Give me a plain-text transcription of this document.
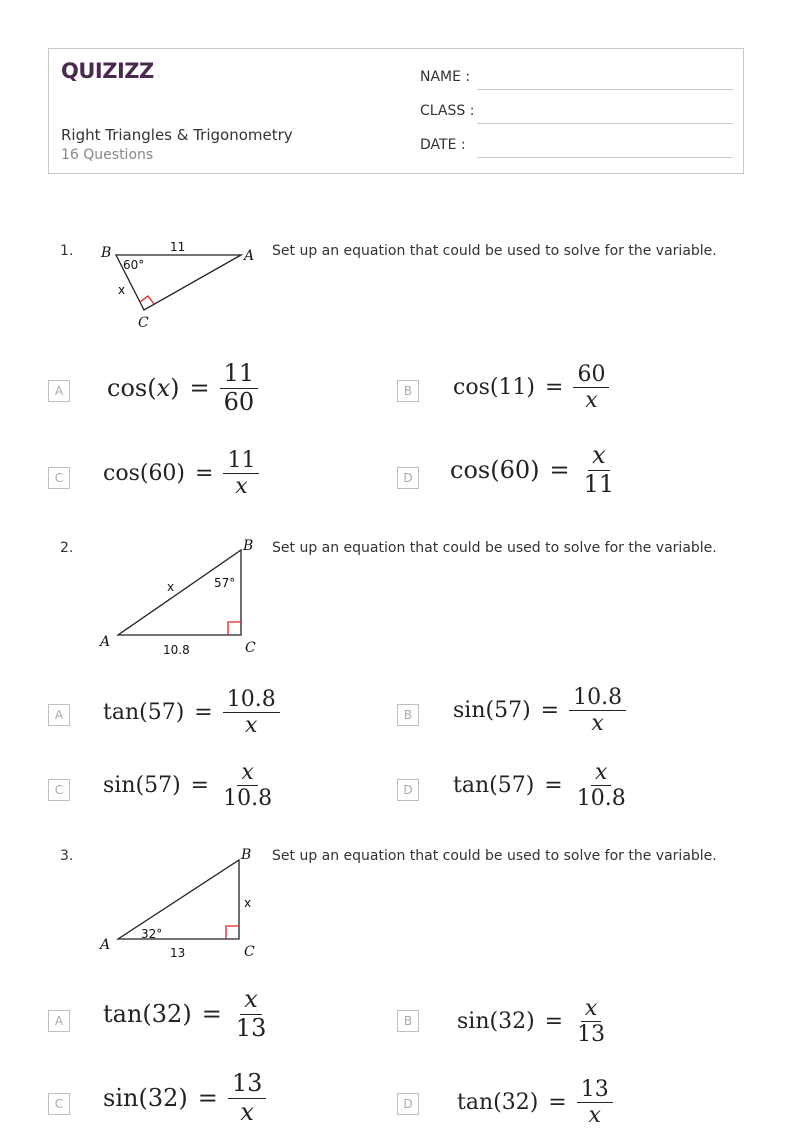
QUIZIZZ
Right Triangles & Trigonometry
16 Questions
NAME :
CLASS :
DATE :
1.	Set up an equation that could be used to solve for the variable.
B	A
C
11
60°
x
A $\cos(x) = \frac{11}{60}$	B	$\cos(11) = \frac{60}{x}$
C	$\cos(60) = \frac{11}{x}$	D $\cos(60) = \frac{x}{11}$
2.	Set up an equation that could be used to solve for the variable.
B
A	C
x	57°
10.8
A	$\tan(57) = \frac{10.8}{x}$	B	$\sin(57) = \frac{10.8}{x}$
C	$\sin(57) = \frac{x}{10.8}$	D $\tan(57) = \frac{x}{10.8}$
3.	Set up an equation that could be used to solve for the variable.
B
A	C
x
32°
13
A $\tan(32) = \frac{x}{13}$	B	$\sin(32) = \frac{x}{13}$
C $\sin(32) = \frac{13}{x}$	D $\tan(32) = \frac{13}{x}$
